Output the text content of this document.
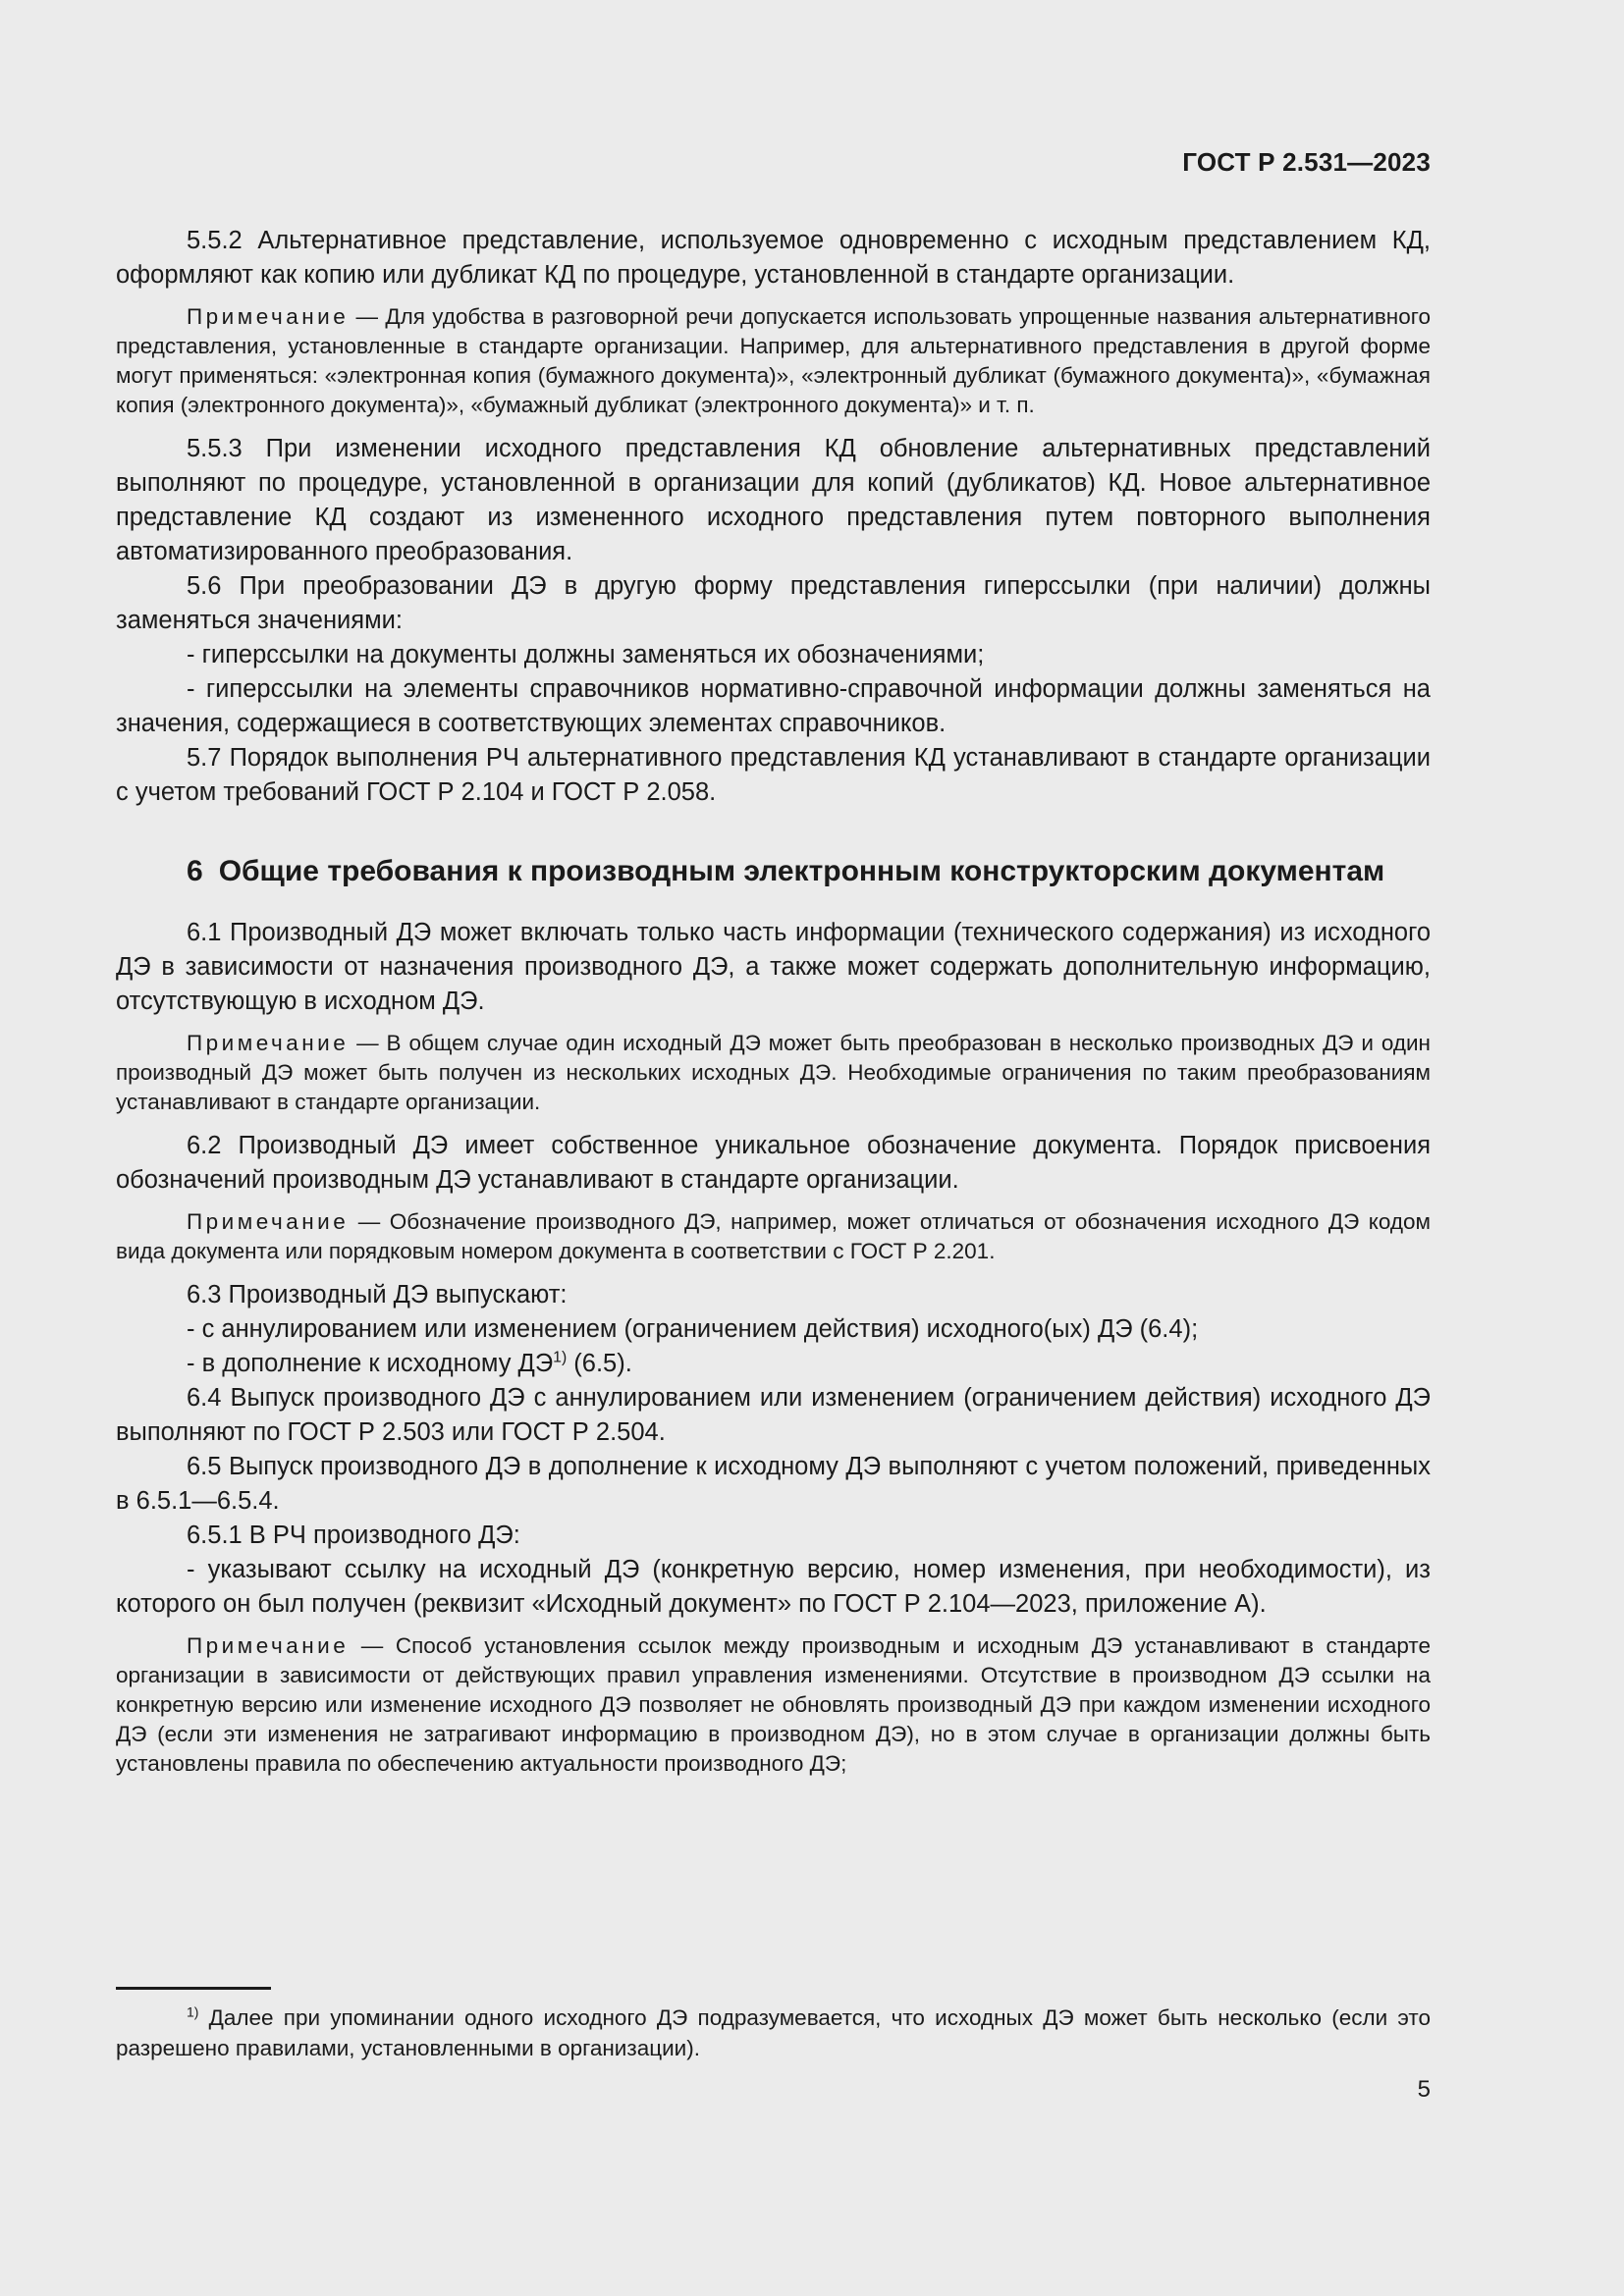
ГОСТ Р 2.531—2023

5.5.2 Альтернативное представление, используемое одновременно с исходным представлением КД, оформляют как копию или дубликат КД по процедуре, установленной в стандарте организации.

Примечание — Для удобства в разговорной речи допускается использовать упрощенные названия альтернативного представления, установленные в стандарте организации. Например, для альтернативного представления в другой форме могут применяться: «электронная копия (бумажного документа)», «электронный дубликат (бумажного документа)», «бумажная копия (электронного документа)», «бумажный дубликат (электронного документа)» и т. п.

5.5.3 При изменении исходного представления КД обновление альтернативных представлений выполняют по процедуре, установленной в организации для копий (дубликатов) КД. Новое альтернативное представление КД создают из измененного исходного представления путем повторного выполнения автоматизированного преобразования.

5.6 При преобразовании ДЭ в другую форму представления гиперссылки (при наличии) должны заменяться значениями:

- гиперссылки на документы должны заменяться их обозначениями;

- гиперссылки на элементы справочников нормативно-справочной информации должны заменяться на значения, содержащиеся в соответствующих элементах справочников.

5.7 Порядок выполнения РЧ альтернативного представления КД устанавливают в стандарте организации с учетом требований ГОСТ Р 2.104 и ГОСТ Р 2.058.

6 Общие требования к производным электронным конструкторским документам

6.1 Производный ДЭ может включать только часть информации (технического содержания) из исходного ДЭ в зависимости от назначения производного ДЭ, а также может содержать дополнительную информацию, отсутствующую в исходном ДЭ.

Примечание — В общем случае один исходный ДЭ может быть преобразован в несколько производных ДЭ и один производный ДЭ может быть получен из нескольких исходных ДЭ. Необходимые ограничения по таким преобразованиям устанавливают в стандарте организации.

6.2 Производный ДЭ имеет собственное уникальное обозначение документа. Порядок присвоения обозначений производным ДЭ устанавливают в стандарте организации.

Примечание — Обозначение производного ДЭ, например, может отличаться от обозначения исходного ДЭ кодом вида документа или порядковым номером документа в соответствии с ГОСТ Р 2.201.

6.3 Производный ДЭ выпускают:

- с аннулированием или изменением (ограничением действия) исходного(ых) ДЭ (6.4);

- в дополнение к исходному ДЭ$^{1)}$ (6.5).

6.4 Выпуск производного ДЭ с аннулированием или изменением (ограничением действия) исходного ДЭ выполняют по ГОСТ Р 2.503 или ГОСТ Р 2.504.

6.5 Выпуск производного ДЭ в дополнение к исходному ДЭ выполняют с учетом положений, приведенных в 6.5.1—6.5.4.

6.5.1 В РЧ производного ДЭ:

- указывают ссылку на исходный ДЭ (конкретную версию, номер изменения, при необходимости), из которого он был получен (реквизит «Исходный документ» по ГОСТ Р 2.104—2023, приложение А).

Примечание — Способ установления ссылок между производным и исходным ДЭ устанавливают в стандарте организации в зависимости от действующих правил управления изменениями. Отсутствие в производном ДЭ ссылки на конкретную версию или изменение исходного ДЭ позволяет не обновлять производный ДЭ при каждом изменении исходного ДЭ (если эти изменения не затрагивают информацию в производном ДЭ), но в этом случае в организации должны быть установлены правила по обеспечению актуальности производного ДЭ;

$^{1)}$ Далее при упоминании одного исходного ДЭ подразумевается, что исходных ДЭ может быть несколько (если это разрешено правилами, установленными в организации).

5
